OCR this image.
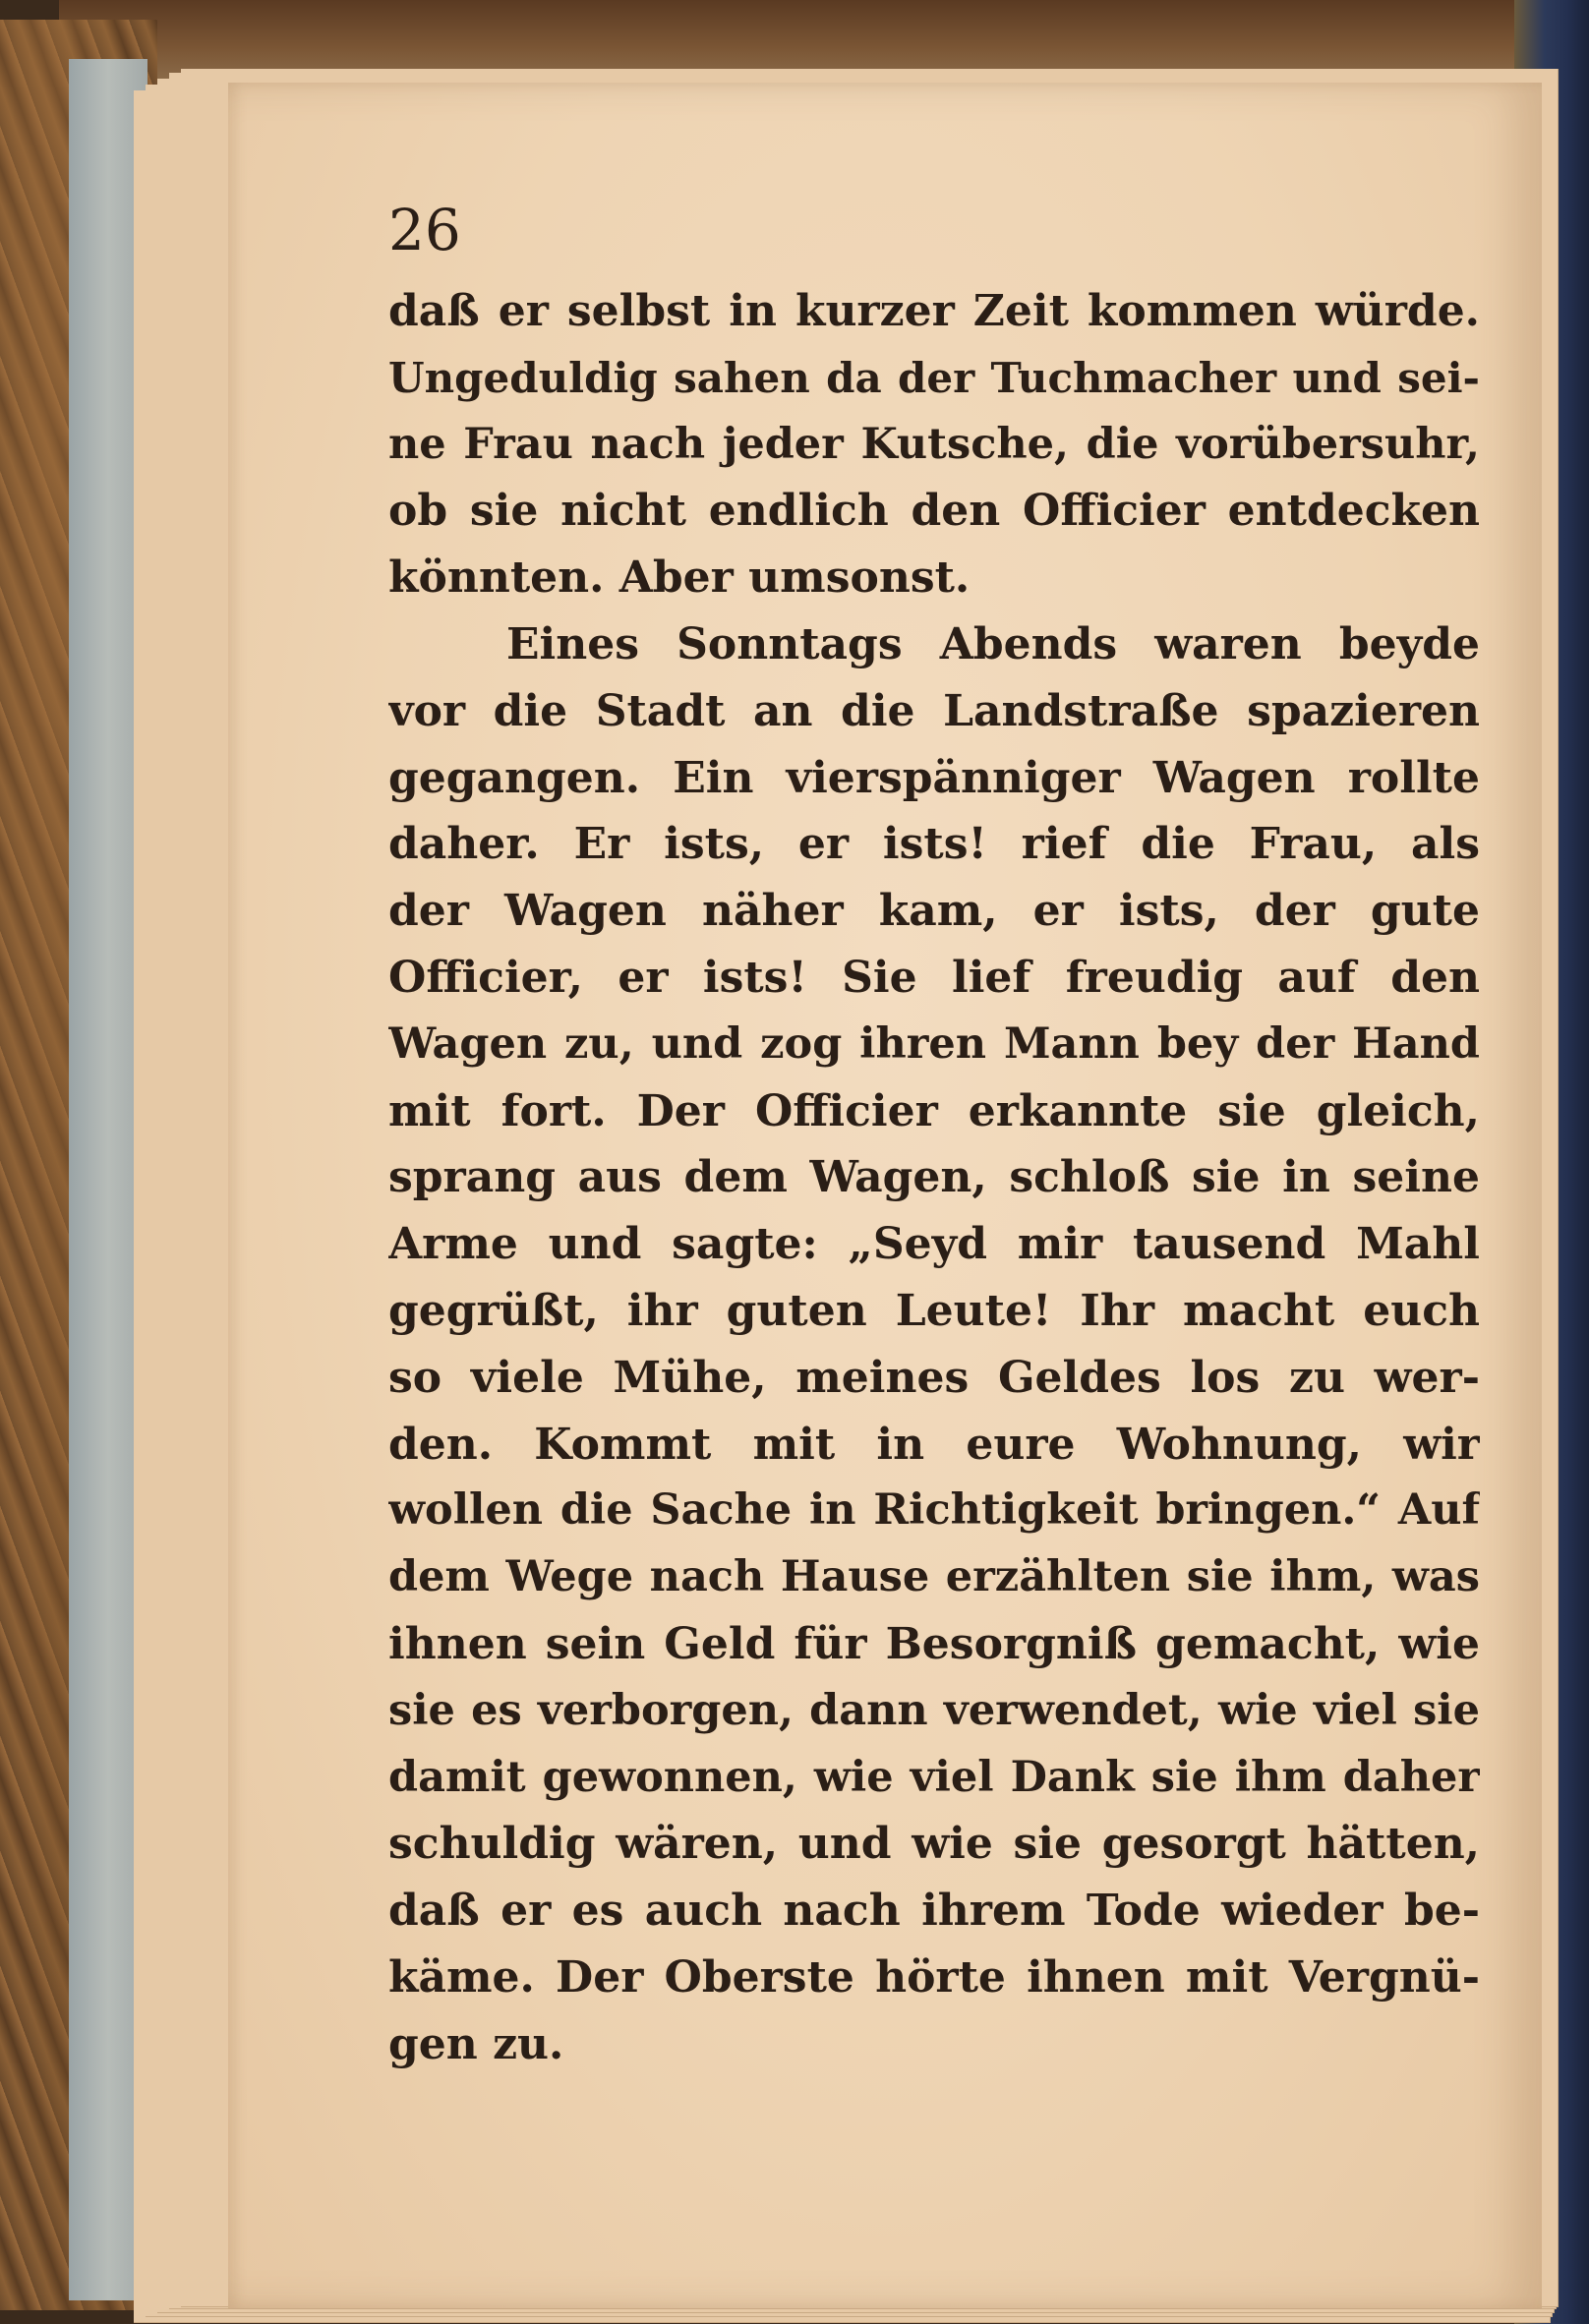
26
daß er selbst in kurzer Zeit kommen würde.
Ungeduldig sahen da der Tuchmacher und sei-
ne Frau nach jeder Kutsche, die vorübersuhr,
ob sie nicht endlich den Officier entdecken
könnten. Aber umsonst.
Eines Sonntags Abends waren beyde
vor die Stadt an die Landstraße spazieren
gegangen. Ein vierspänniger Wagen rollte
daher. Er ists, er ists! rief die Frau, als
der Wagen näher kam, er ists, der gute
Officier, er ists! Sie lief freudig auf den
Wagen zu, und zog ihren Mann bey der Hand
mit fort. Der Officier erkannte sie gleich,
sprang aus dem Wagen, schloß sie in seine
Arme und sagte: „Seyd mir tausend Mahl
gegrüßt, ihr guten Leute! Ihr macht euch
so viele Mühe, meines Geldes los zu wer-
den. Kommt mit in eure Wohnung, wir
wollen die Sache in Richtigkeit bringen.“ Auf
dem Wege nach Hause erzählten sie ihm, was
ihnen sein Geld für Besorgniß gemacht, wie
sie es verborgen, dann verwendet, wie viel sie
damit gewonnen, wie viel Dank sie ihm daher
schuldig wären, und wie sie gesorgt hätten,
daß er es auch nach ihrem Tode wieder be-
käme. Der Oberste hörte ihnen mit Vergnü-
gen zu.
